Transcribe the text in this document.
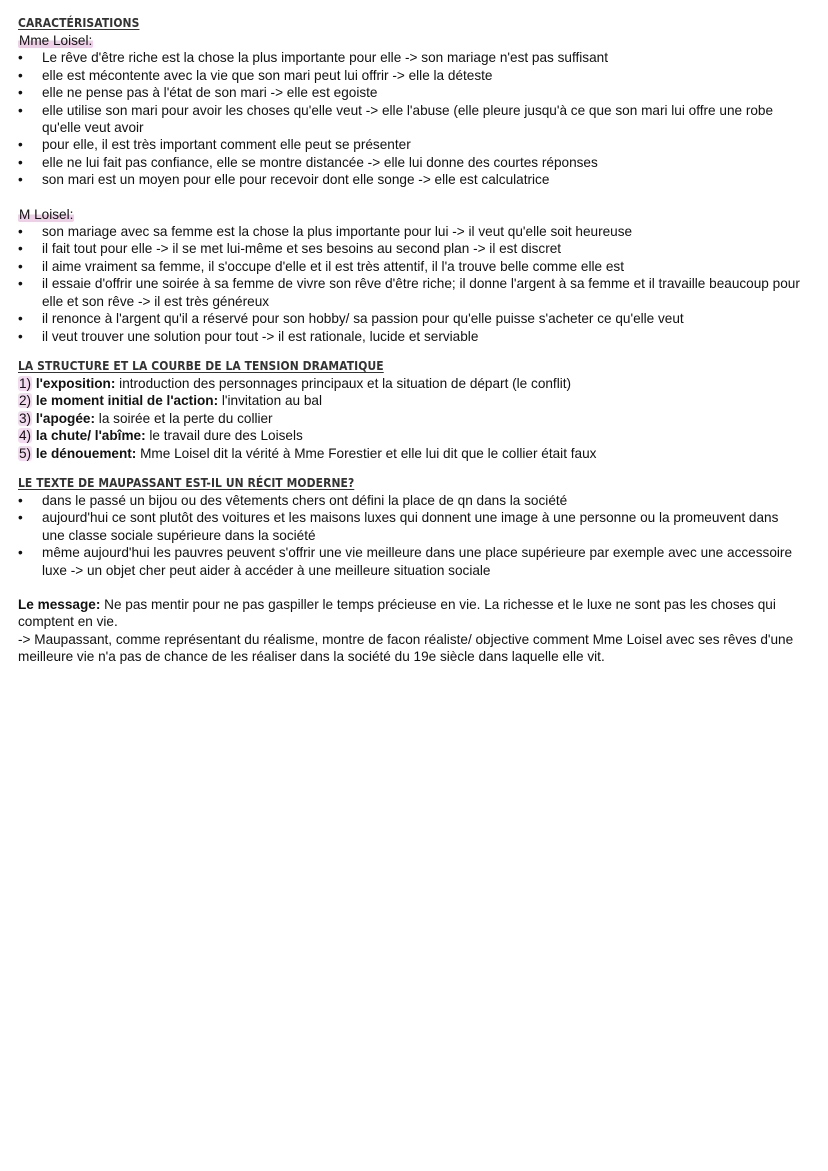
CARACTÉRISATIONS
Mme Loisel:
• Le rêve d'être riche est la chose la plus importante pour elle -> son mariage n'est pas suffisant
• elle est mécontente avec la vie que son mari peut lui offrir -> elle la déteste
• elle ne pense pas à l'état de son mari -> elle est egoiste
• elle utilise son mari pour avoir les choses qu'elle veut -> elle l'abuse (elle pleure jusqu'à ce que son mari lui offre une robe qu'elle veut avoir
• pour elle, il est très important comment elle peut se présenter
• elle ne lui fait pas confiance, elle se montre distancée -> elle lui donne des courtes réponses
• son mari est un moyen pour elle pour recevoir dont elle songe -> elle est calculatrice
M Loisel:
• son mariage avec sa femme est la chose la plus importante pour lui -> il veut qu'elle soit heureuse
• il fait tout pour elle -> il se met lui-même et ses besoins au second plan -> il est discret
• il aime vraiment sa femme, il s'occupe d'elle et il est très attentif, il l'a trouve belle comme elle est
• il essaie d'offrir une soirée à sa femme de vivre son rêve d'être riche; il donne l'argent à sa femme et il travaille beaucoup pour elle et son rêve -> il est très généreux
• il renonce à l'argent qu'il a réservé pour son hobby/ sa passion pour qu'elle puisse s'acheter ce qu'elle veut
• il veut trouver une solution pour tout -> il est rationale, lucide et serviable
LA STRUCTURE ET LA COURBE DE LA TENSION DRAMATIQUE
1) l'exposition: introduction des personnages principaux et la situation de départ (le conflit)
2) le moment initial de l'action: l'invitation au bal
3) l'apogée: la soirée et la perte du collier
4) la chute/ l'abîme: le travail dure des Loisels
5) le dénouement: Mme Loisel dit la vérité à Mme Forestier et elle lui dit que le collier était faux
LE TEXTE DE MAUPASSANT EST-IL UN RÉCIT MODERNE?
• dans le passé un bijou ou des vêtements chers ont défini la place de qn dans la société
• aujourd'hui ce sont plutôt des voitures et les maisons luxes qui donnent une image à une personne ou la promeuvent dans une classe sociale supérieure dans la société
• même aujourd'hui les pauvres peuvent s'offrir une vie meilleure dans une place supérieure par exemple avec une accessoire luxe -> un objet cher peut aider à accéder à une meilleure situation sociale

Le message: Ne pas mentir pour ne pas gaspiller le temps précieuse en vie. La richesse et le luxe ne sont pas les choses qui comptent en vie.

-> Maupassant, comme représentant du réalisme, montre de facon réaliste/ objective comment Mme Loisel avec ses rêves d'une meilleure vie n'a pas de chance de les réaliser dans la société du 19e siècle dans laquelle elle vit.
